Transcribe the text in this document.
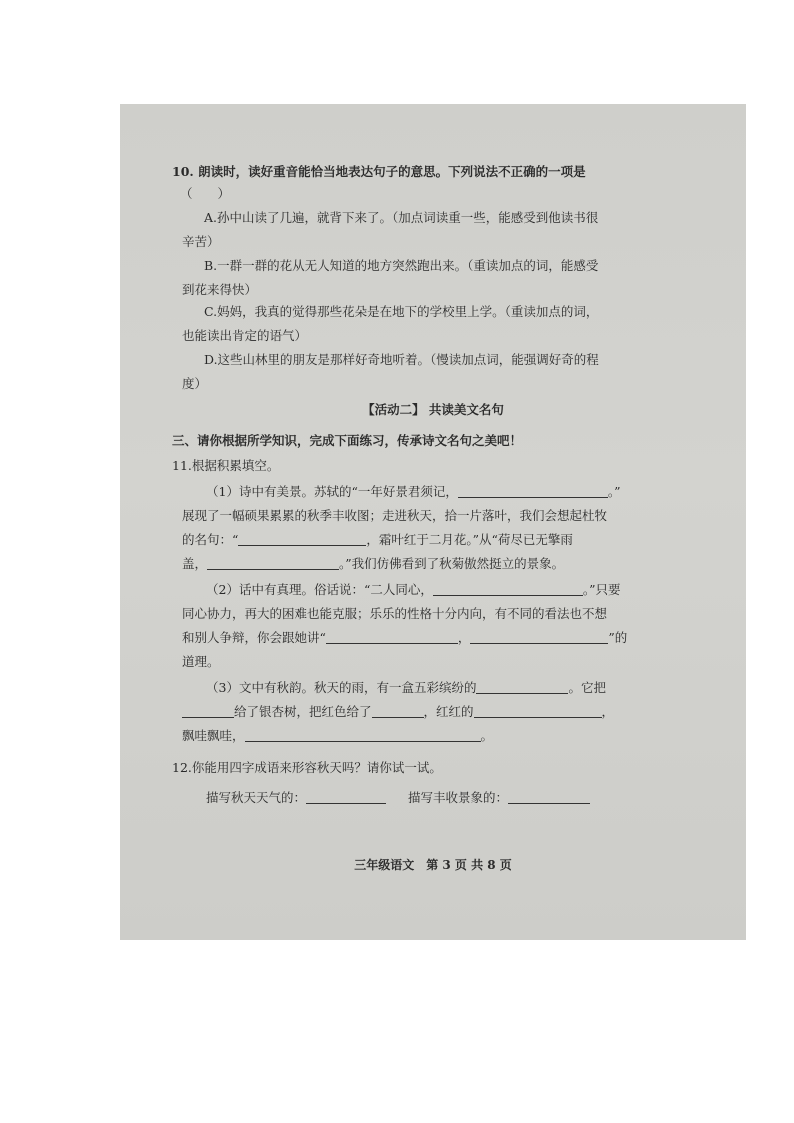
10. 朗读时，读好重音能恰当地表达句子的意思。下列说法不正确的一项是
（　　）
A.孙中山读了几遍，就背下来了。（加点词读重一些，能感受到他读书很
辛苦）
B.一群一群的花从无人知道的地方突然跑出来。（重读加点的词，能感受
到花来得快）
C.妈妈，我真的觉得那些花朵是在地下的学校里上学。（重读加点的词，
也能读出肯定的语气）
D.这些山林里的朋友是那样好奇地听着。（慢读加点词，能强调好奇的程
度）
【活动二】 共读美文名句
三、请你根据所学知识，完成下面练习，传承诗文名句之美吧！
11.根据积累填空。
（1）诗中有美景。苏轼的“一年好景君须记，	。”
展现了一幅硕果累累的秋季丰收图；走进秋天，拾一片落叶，我们会想起杜牧
的名句：“	，霜叶红于二月花。”从“荷尽已无擎雨
盖，	。”我们仿佛看到了秋菊傲然挺立的景象。
（2）话中有真理。俗话说：“二人同心，	。”只要
同心协力，再大的困难也能克服；乐乐的性格十分内向，有不同的看法也不想
和别人争辩，你会跟她讲“	，	”的
道理。
（3）文中有秋韵。秋天的雨，有一盒五彩缤纷的	。它把
给了银杏树，把红色给了	，红红的	，
飘哇飘哇，	。
12.你能用四字成语来形容秋天吗？请你试一试。
描写秋天天气的：	描写丰收景象的：
三年级语文　第 3 页 共 8 页
